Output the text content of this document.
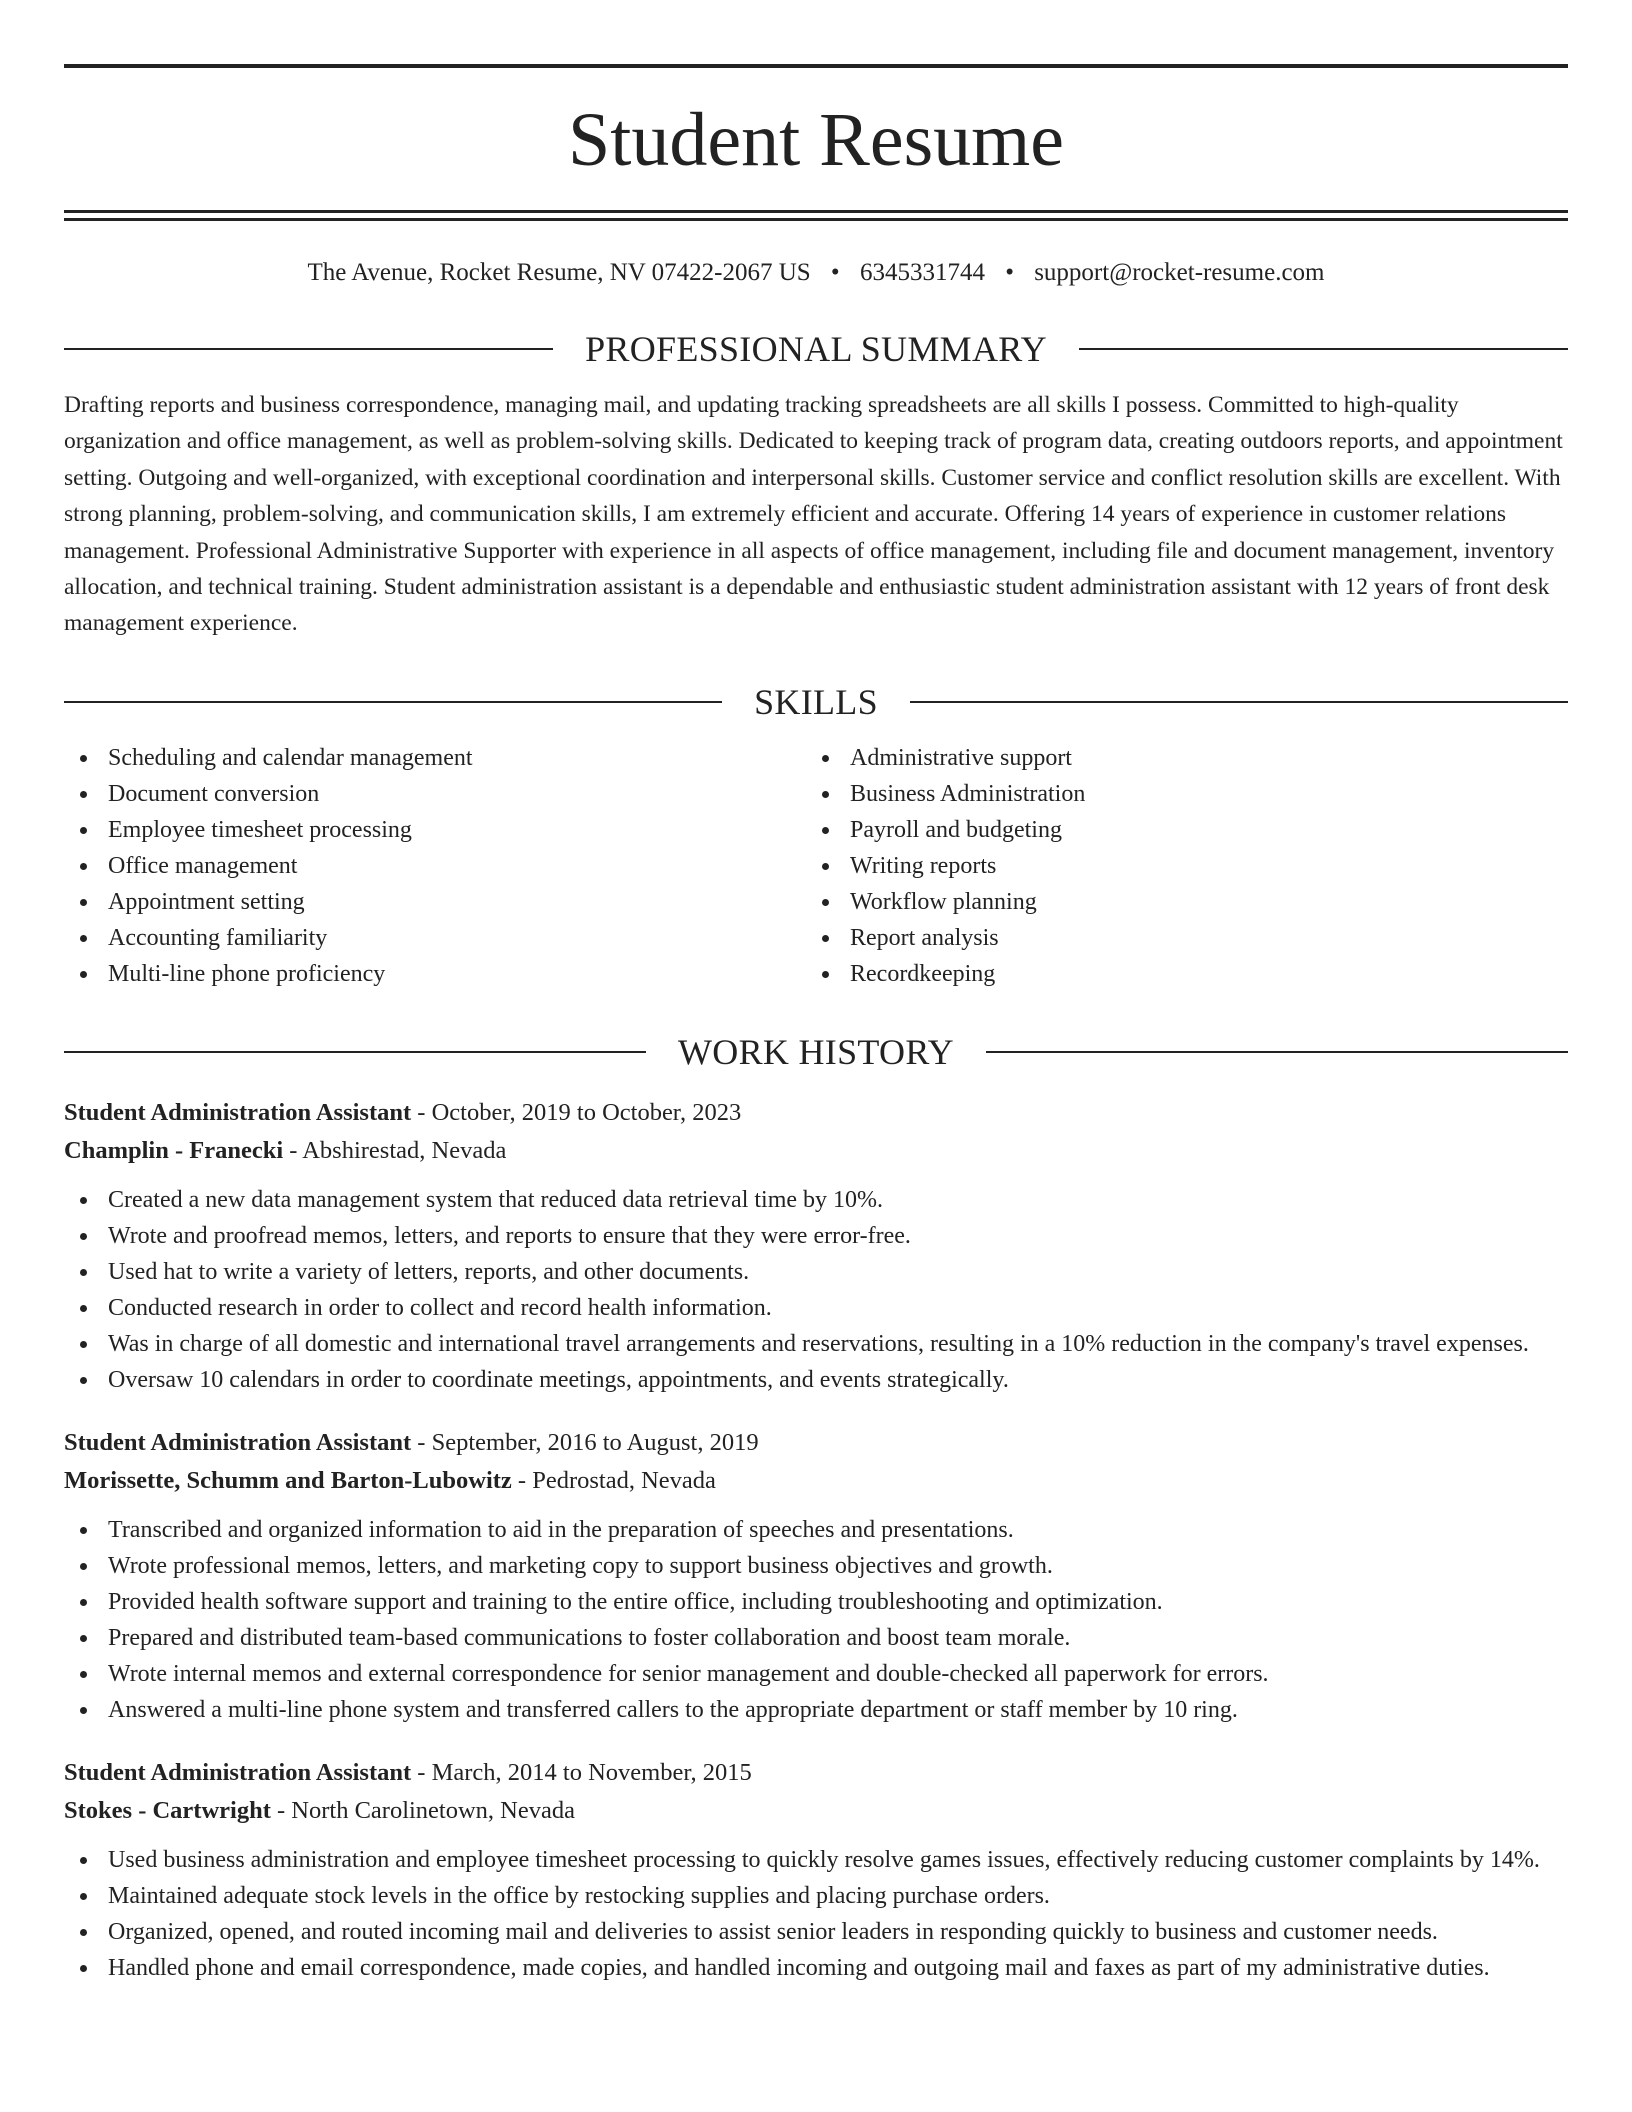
Student Resume
The Avenue, Rocket Resume, NV 07422-2067 US • 6345331744 • support@rocket-resume.com
PROFESSIONAL SUMMARY
Drafting reports and business correspondence, managing mail, and updating tracking spreadsheets are all skills I possess. Committed to high-quality organization and office management, as well as problem-solving skills. Dedicated to keeping track of program data, creating outdoors reports, and appointment setting. Outgoing and well-organized, with exceptional coordination and interpersonal skills. Customer service and conflict resolution skills are excellent. With strong planning, problem-solving, and communication skills, I am extremely efficient and accurate. Offering 14 years of experience in customer relations management. Professional Administrative Supporter with experience in all aspects of office management, including file and document management, inventory allocation, and technical training. Student administration assistant is a dependable and enthusiastic student administration assistant with 12 years of front desk management experience.
SKILLS
Scheduling and calendar management
Document conversion
Employee timesheet processing
Office management
Appointment setting
Accounting familiarity
Multi-line phone proficiency
Administrative support
Business Administration
Payroll and budgeting
Writing reports
Workflow planning
Report analysis
Recordkeeping
WORK HISTORY
Student Administration Assistant - October, 2019 to October, 2023
Champlin - Franecki - Abshirestad, Nevada
Created a new data management system that reduced data retrieval time by 10%.
Wrote and proofread memos, letters, and reports to ensure that they were error-free.
Used hat to write a variety of letters, reports, and other documents.
Conducted research in order to collect and record health information.
Was in charge of all domestic and international travel arrangements and reservations, resulting in a 10% reduction in the company's travel expenses.
Oversaw 10 calendars in order to coordinate meetings, appointments, and events strategically.
Student Administration Assistant - September, 2016 to August, 2019
Morissette, Schumm and Barton-Lubowitz - Pedrostad, Nevada
Transcribed and organized information to aid in the preparation of speeches and presentations.
Wrote professional memos, letters, and marketing copy to support business objectives and growth.
Provided health software support and training to the entire office, including troubleshooting and optimization.
Prepared and distributed team-based communications to foster collaboration and boost team morale.
Wrote internal memos and external correspondence for senior management and double-checked all paperwork for errors.
Answered a multi-line phone system and transferred callers to the appropriate department or staff member by 10 ring.
Student Administration Assistant - March, 2014 to November, 2015
Stokes - Cartwright - North Carolinetown, Nevada
Used business administration and employee timesheet processing to quickly resolve games issues, effectively reducing customer complaints by 14%.
Maintained adequate stock levels in the office by restocking supplies and placing purchase orders.
Organized, opened, and routed incoming mail and deliveries to assist senior leaders in responding quickly to business and customer needs.
Handled phone and email correspondence, made copies, and handled incoming and outgoing mail and faxes as part of my administrative duties.
